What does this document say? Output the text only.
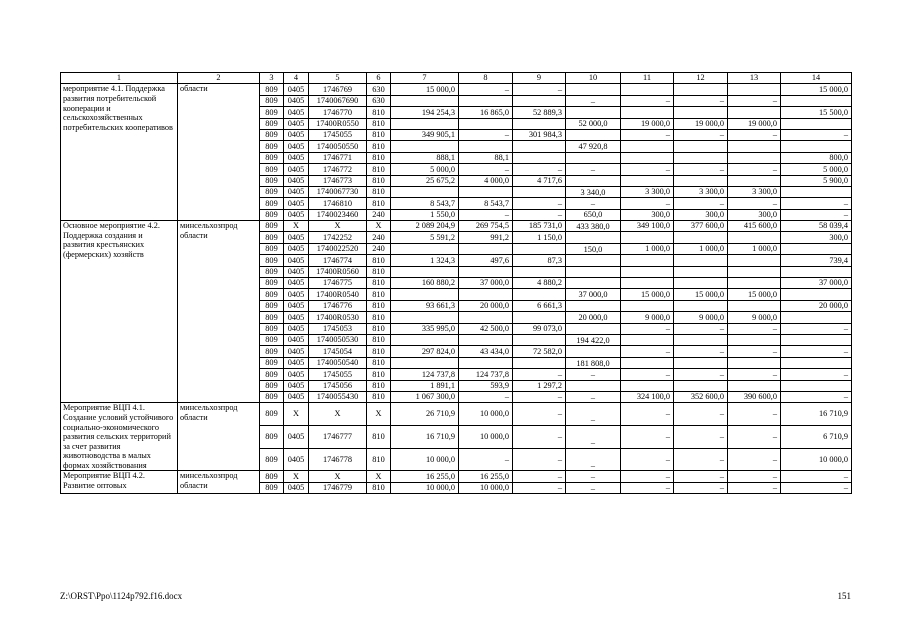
1	2	3	4	5	6	7	8	9	10	11	12	13	14
мероприятие 4.1. Поддержка развития потребительской кооперации и сельскохозяйственных потребительских кооперативов	области	809	0405	1746769	630	15 000,0	–	–					15 000,0
		809	0405	1740067690	630				–	–	–	–	
		809	0405	1746770	810	194 254,3	16 865,0	52 889,3					15 500,0
		809	0405	17400R0550	810				52 000,0	19 000,0	19 000,0	19 000,0	
		809	0405	1745055	810	349 905,1	–	301 984,3		–	–	–	–
		809	0405	1740050550	810				47 920,8				
		809	0405	1746771	810	888,1	88,1						800,0
		809	0405	1746772	810	5 000,0	–	–	–	–	–	–	5 000,0
		809	0405	1746773	810	25 675,2	4 000,0	4 717,6					5 900,0
		809	0405	1740067730	810				3 340,0	3 300,0	3 300,0	3 300,0	
		809	0405	1746810	810	8 543,7	8 543,7	–	–	–	–	–	–
		809	0405	1740023460	240	1 550,0	–	–	650,0	300,0	300,0	300,0	–
Основное мероприятие 4.2. Поддержка создания и развития крестьянских (фермерских) хозяйств	минсельхозпрод области	809	X	X	X	2 089 204,9	269 754,5	185 731,0	433 380,0	349 100,0	377 600,0	415 600,0	58 039,4
		809	0405	1742252	240	5 591,2	991,2	1 150,0					300,0
		809	0405	1740022520	240				150,0	1 000,0	1 000,0	1 000,0	
		809	0405	1746774	810	1 324,3	497,6	87,3					739,4
		809	0405	17400R0560	810								
		809	0405	1746775	810	160 880,2	37 000,0	4 880,2					37 000,0
		809	0405	17400R0540	810				37 000,0	15 000,0	15 000,0	15 000,0	
		809	0405	1746776	810	93 661,3	20 000,0	6 661,3					20 000,0
		809	0405	17400R0530	810				20 000,0	9 000,0	9 000,0	9 000,0	
		809	0405	1745053	810	335 995,0	42 500,0	99 073,0		–	–	–	–
		809	0405	1740050530	810				194 422,0				
		809	0405	1745054	810	297 824,0	43 434,0	72 582,0		–	–	–	–
		809	0405	1740050540	810				181 808,0				
		809	0405	1745055	810	124 737,8	124 737,8	–	–	–	–	–	–
		809	0405	1745056	810	1 891,1	593,9	1 297,2					
		809	0405	1740055430	810	1 067 300,0	–	–	–	324 100,0	352 600,0	390 600,0	–
Мероприятие ВЦП 4.1. Создание условий устойчивого социально-экономического развития сельских территорий за счет развития животноводства в малых формах хозяйствования	минсельхозпрод области	809	X	X	X	26 710,9	10 000,0	–	–	–	–	–	16 710,9
		809	0405	1746777	810	16 710,9	10 000,0	–	–	–	–	–	6 710,9
		809	0405	1746778	810	10 000,0	–	–	–	–	–	–	10 000,0
Мероприятие ВЦП 4.2. Развитие оптовых	минсельхозпрод области	809	X	X	X	16 255,0	16 255,0	–	–	–	–	–	–
		809	0405	1746779	810	10 000,0	10 000,0	–	–	–	–	–	–
Z:\ORST\Ppo\1124p792.f16.docx	151
